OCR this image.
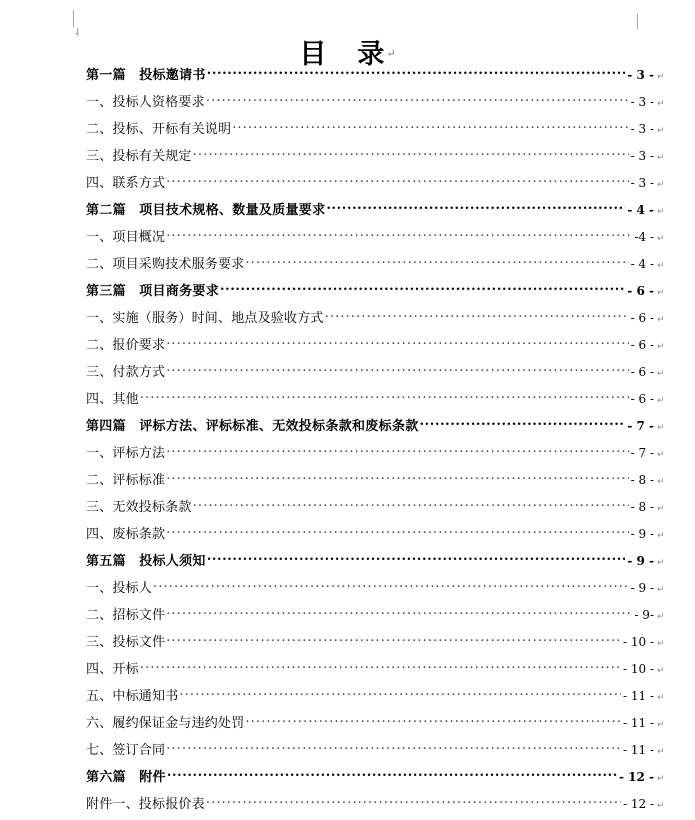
.|
目　录↵
第一篇　投标邀请书 .....	- 3 - ↵
一、投标人资格要求 .....	- 3 - ↵
二、投标、开标有关说明 .....	- 3 - ↵
三、投标有关规定 .....	- 3 - ↵
四、联系方式 .....	- 3 - ↵
第二篇　项目技术规格、数量及质量要求 .....	- 4 - ↵
一、项目概况 .....	-4 - ↵
二、项目采购技术服务要求 .....	- 4 - ↵
第三篇　项目商务要求 .....	- 6 - ↵
一、实施（服务）时间、地点及验收方式 .....	- 6 - ↵
二、报价要求 .....	- 6 - ↵
三、付款方式 .....	- 6 - ↵
四、其他 .....	- 6 - ↵
第四篇　评标方法、评标标准、无效投标条款和废标条款 .....	- 7 - ↵
一、评标方法 .....	- 7 - ↵
二、评标标准 .....	- 8 - ↵
三、无效投标条款 .....	- 8 - ↵
四、废标条款 .....	- 9 - ↵
第五篇　投标人须知 .....	- 9 - ↵
一、投标人 .....	- 9 - ↵
二、招标文件 .....	- 9- ↵
三、投标文件 .....	- 10 - ↵
四、开标 .....	- 10 - ↵
五、中标通知书 .....	- 11 - ↵
六、履约保证金与违约处罚 .....	- 11 - ↵
七、签订合同 .....	- 11 - ↵
第六篇　附件 .....	- 12 - ↵
附件一、投标报价表 .....	- 12 - ↵
